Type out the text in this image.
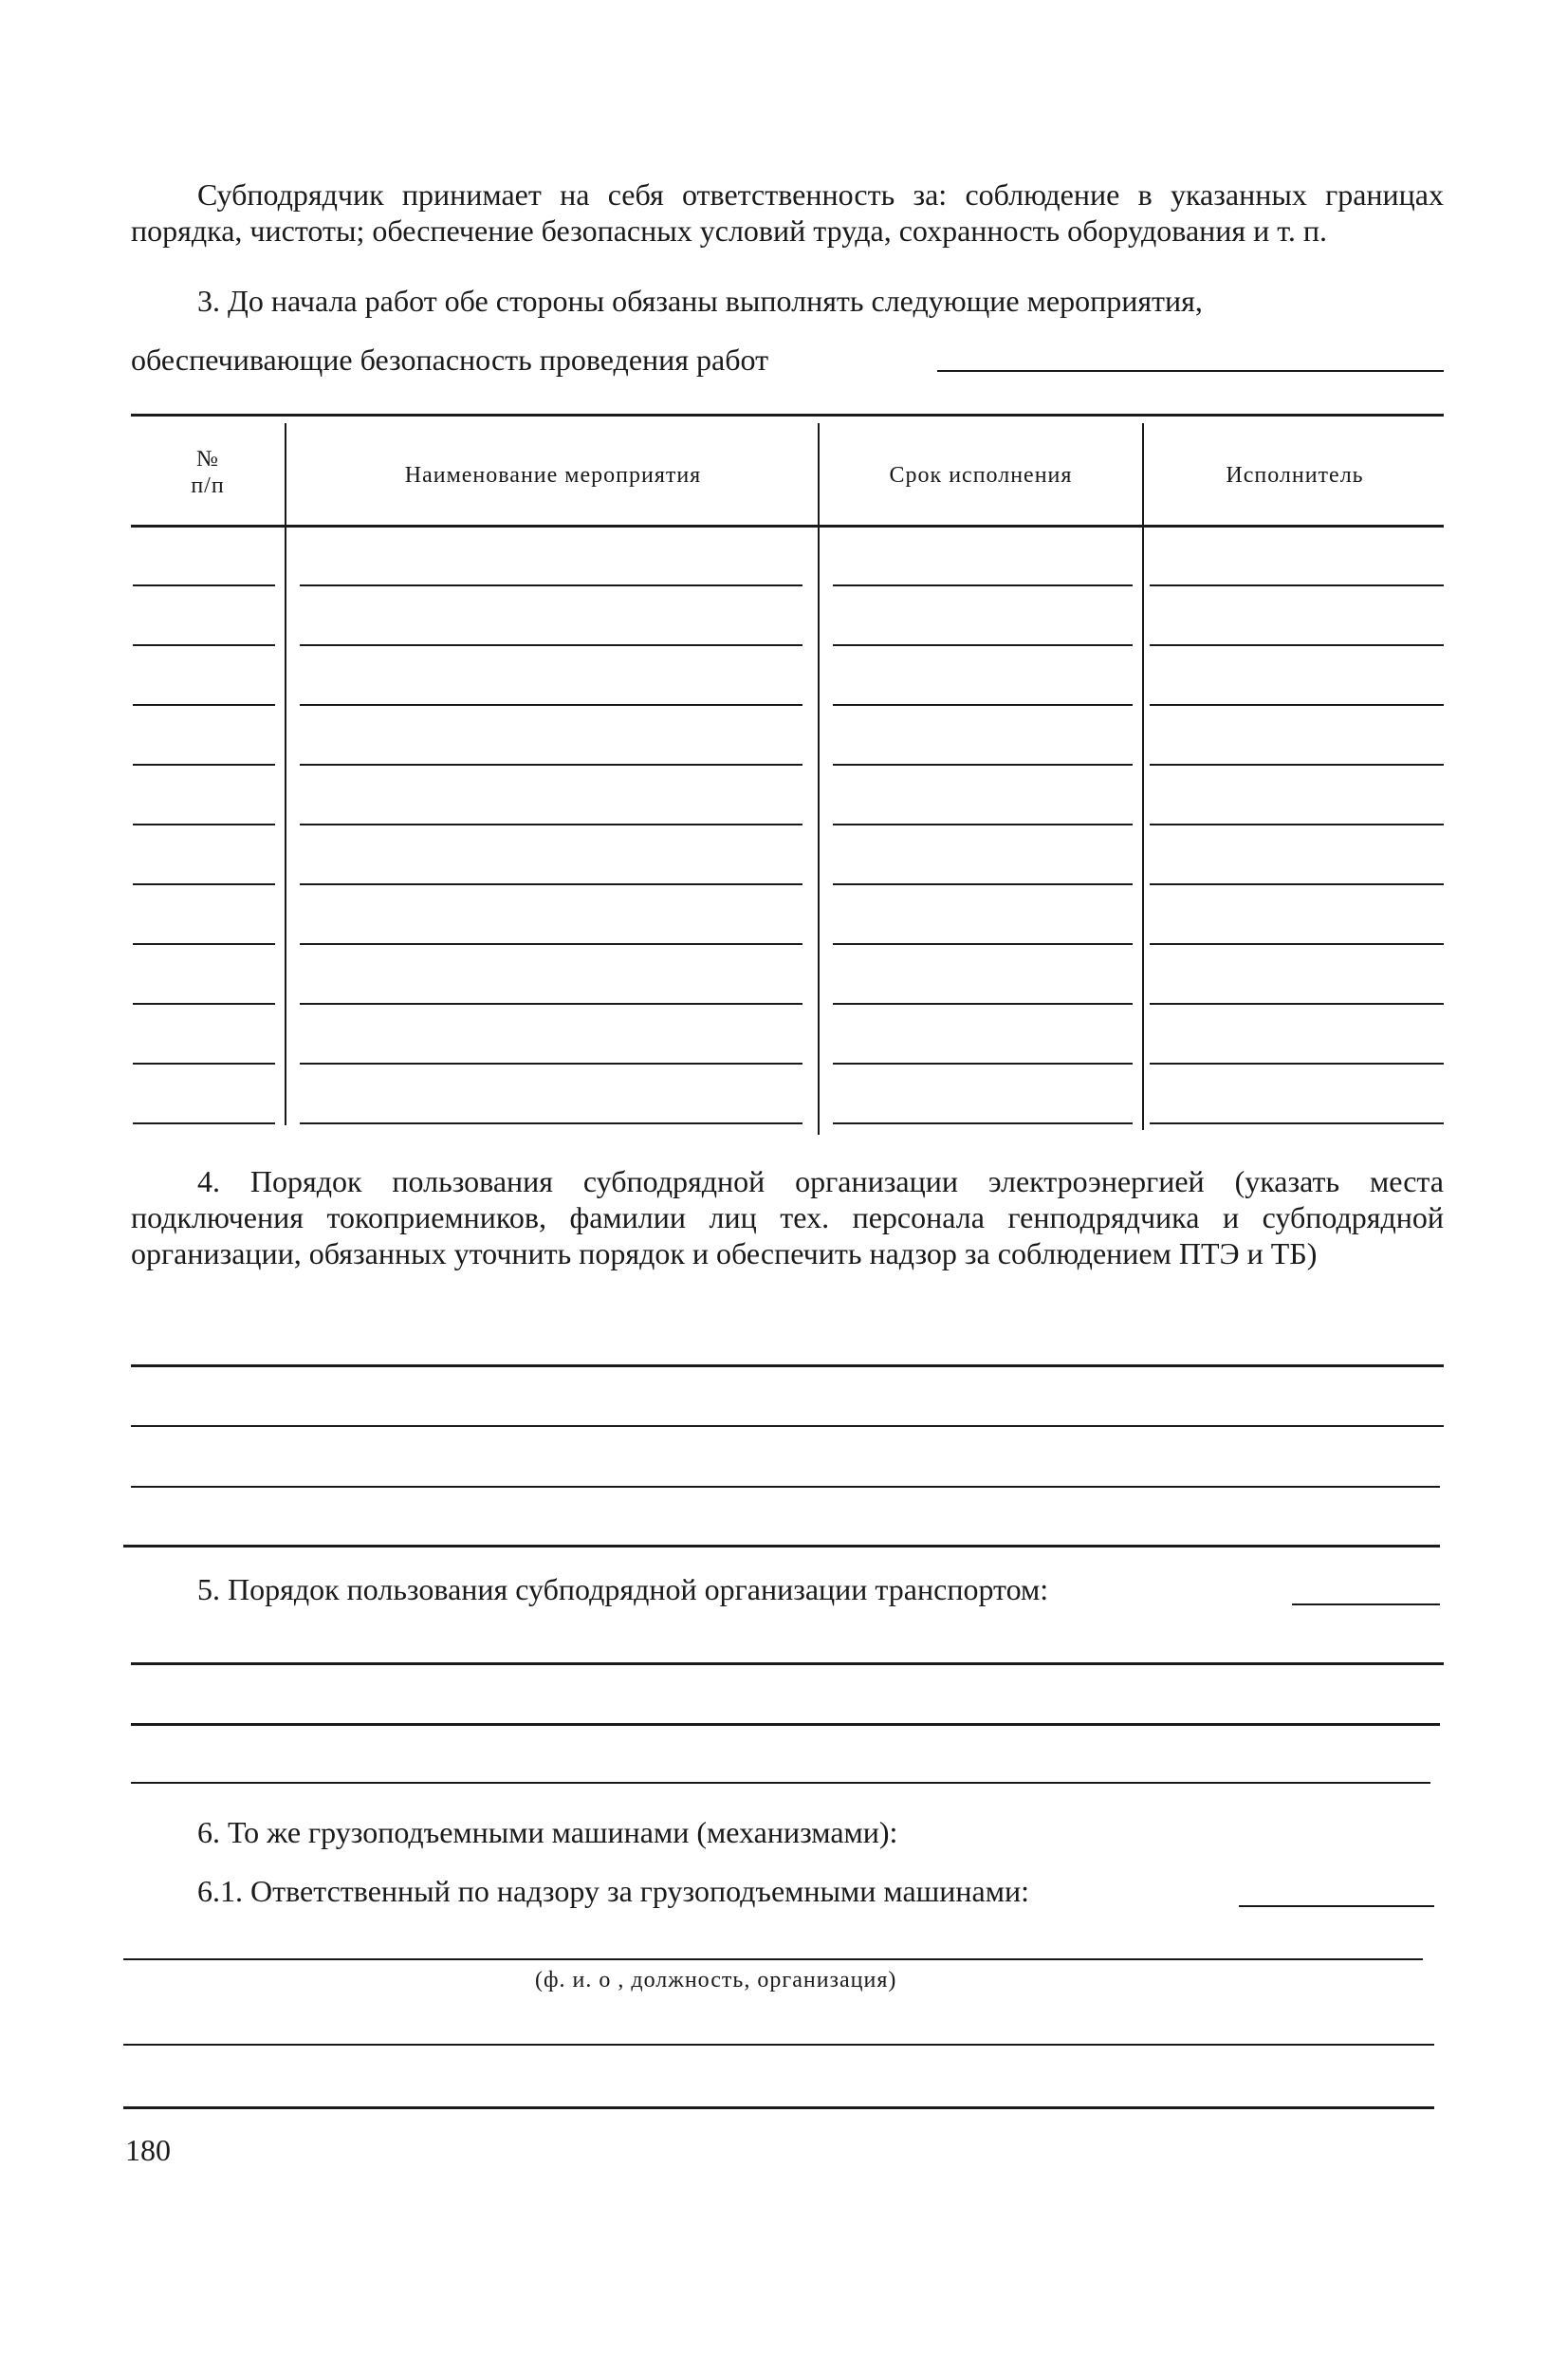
Субподрядчик принимает на себя ответственность за: соблюдение в указанных границах порядка, чистоты; обеспечение безопасных условий труда, сохранность оборудования и т. п.
3. До начала работ обе стороны обязаны выполнять следующие мероприятия,
обеспечивающие безопасность проведения работ
№
п/п	Наименование мероприятия	Срок исполнения	Исполнитель
4. Порядок пользования субподрядной организации электроэнергией (указать места подключения токоприемников, фамилии лиц тех. персонала генподрядчика и субподрядной организации, обязанных уточнить порядок и обеспечить надзор за соблюдением ПТЭ и ТБ)
5. Порядок пользования субподрядной организации транспортом:
6. То же грузоподъемными машинами (механизмами):
6.1. Ответственный по надзору за грузоподъемными машинами:
(ф. и. о , должность, организация)
180
